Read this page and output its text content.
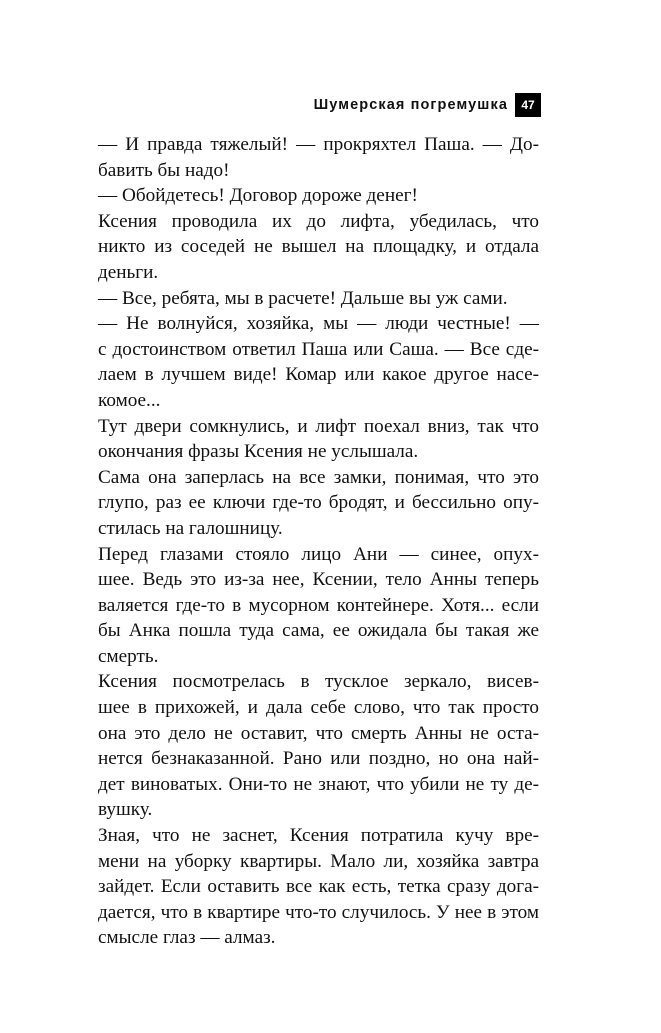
Шумерская погремушка	47

— И правда тяжелый! — прокряхтел Паша. — До-
бавить бы надо!

— Обойдетесь! Договор дороже денег!

Ксения проводила их до лифта, убедилась, что
никто из соседей не вышел на площадку, и отдала
деньги.

— Все, ребята, мы в расчете! Дальше вы уж сами.

— Не волнуйся, хозяйка, мы — люди честные! —
с достоинством ответил Паша или Саша. — Все сде-
лаем в лучшем виде! Комар или какое другое насе-
комое...

Тут двери сомкнулись, и лифт поехал вниз, так что
окончания фразы Ксения не услышала.

Сама она заперлась на все замки, понимая, что это
глупо, раз ее ключи где-то бродят, и бессильно опу-
стилась на галошницу.

Перед глазами стояло лицо Ани — синее, опух-
шее. Ведь это из-за нее, Ксении, тело Анны теперь
валяется где-то в мусорном контейнере. Хотя... если
бы Анка пошла туда сама, ее ожидала бы такая же
смерть.

Ксения посмотрелась в тусклое зеркало, висев-
шее в прихожей, и дала себе слово, что так просто
она это дело не оставит, что смерть Анны не оста-
нется безнаказанной. Рано или поздно, но она най-
дет виноватых. Они-то не знают, что убили не ту де-
вушку.

Зная, что не заснет, Ксения потратила кучу вре-
мени на уборку квартиры. Мало ли, хозяйка завтра
зайдет. Если оставить все как есть, тетка сразу дога-
дается, что в квартире что-то случилось. У нее в этом
смысле глаз — алмаз.
